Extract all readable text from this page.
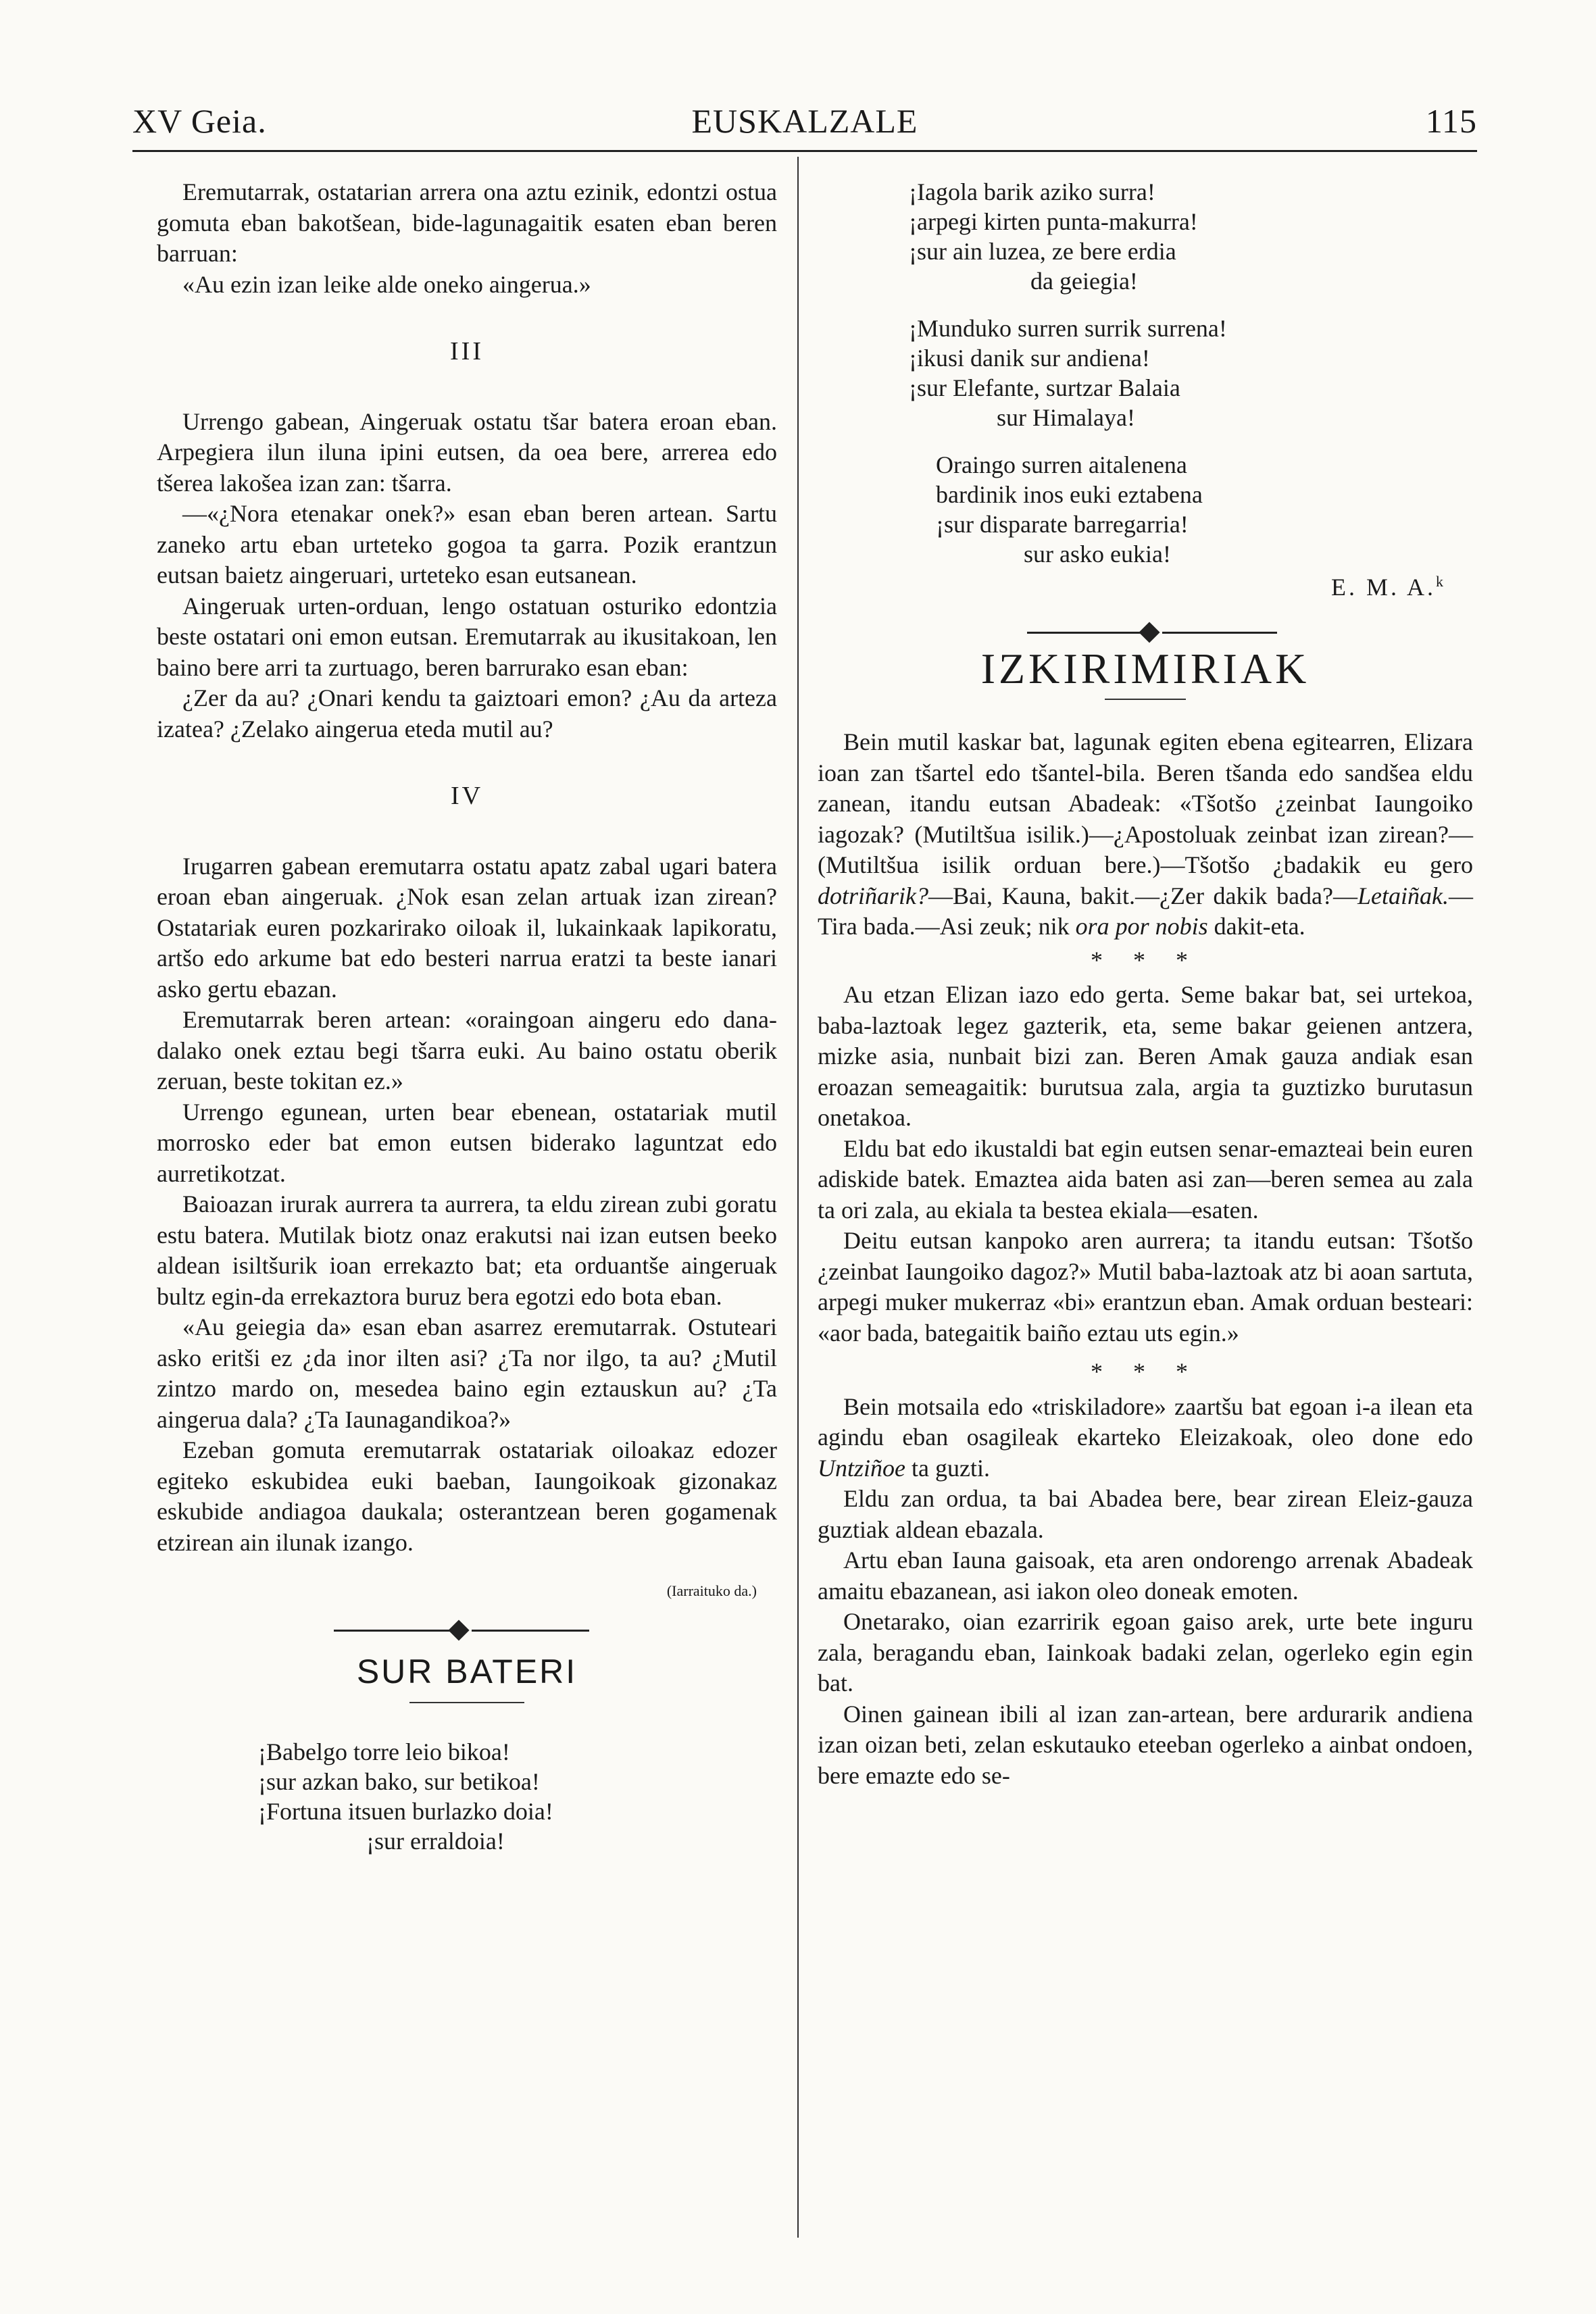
XV Geia.	EUSKALZALE	115

Eremutarrak, ostatarian arrera ona aztu ezinik, edontzi ostua gomuta eban bakotšean, bide-lagunagaitik esaten eban beren barruan:

«Au ezin izan leike alde oneko aingerua.»

III

Urrengo gabean, Aingeruak ostatu tšar batera eroan eban. Arpegiera ilun iluna ipini eutsen, da oea bere, arrerea edo tšerea lakošea izan zan: tšarra.

—«¿Nora etenakar onek?» esan eban beren artean. Sartu zaneko artu eban urteteko gogoa ta garra. Pozik erantzun eutsan baietz aingeruari, urteteko esan eutsanean.

Aingeruak urten-orduan, lengo ostatuan osturiko edontzia beste ostatari oni emon eutsan. Eremutarrak au ikusitakoan, len baino bere arri ta zurtuago, beren barrurako esan eban:

¿Zer da au? ¿Onari kendu ta gaiztoari emon? ¿Au da arteza izatea? ¿Zelako aingerua eteda mutil au?

IV

Irugarren gabean eremutarra ostatu apatz zabal ugari batera eroan eban aingeruak. ¿Nok esan zelan artuak izan zirean? Ostatariak euren pozkarirako oiloak il, lukainkaak lapikoratu, artšo edo arkume bat edo besteri narrua eratzi ta beste ianari asko gertu ebazan.

Eremutarrak beren artean: «oraingoan aingeru edo dana-dalako onek eztau begi tšarra euki. Au baino ostatu oberik zeruan, beste tokitan ez.»

Urrengo egunean, urten bear ebenean, ostatariak mutil morrosko eder bat emon eutsen biderako laguntzat edo aurretikotzat.

Baioazan irurak aurrera ta aurrera, ta eldu zirean zubi goratu estu batera. Mutilak biotz onaz erakutsi nai izan eutsen beeko aldean isiltšurik ioan errekazto bat; eta orduantše aingeruak bultz egin-da errekaztora buruz bera egotzi edo bota eban.

«Au geiegia da» esan eban asarrez eremutarrak. Ostuteari asko eritši ez ¿da inor ilten asi? ¿Ta nor ilgo, ta au? ¿Mutil zintzo mardo on, mesedea baino egin eztauskun au? ¿Ta aingerua dala? ¿Ta Iaunagandikoa?»

Ezeban gomuta eremutarrak ostatariak oiloakaz edozer egiteko eskubidea euki baeban, Iaungoikoak gizonakaz eskubide andiagoa daukala; osterantzean beren gogamenak etzirean ain ilunak izango.

(Iarraituko da.)
SUR BATERI
¡Babelgo torre leio bikoa!
¡sur azkan bako, sur betikoa!
¡Fortuna itsuen burlazko doia!
¡sur erraldoia!
¡Iagola barik aziko surra!
¡arpegi kirten punta-makurra!
¡sur ain luzea, ze bere erdia
da geiegia!
¡Munduko surren surrik surrena!
¡ikusi danik sur andiena!
¡sur Elefante, surtzar Balaia
sur Himalaya!
Oraingo surren aitalenena
bardinik inos euki eztabena
¡sur disparate barregarria!
sur asko eukia!
E. M. A.$^k$
IZKIRIMIRIAK

Bein mutil kaskar bat, lagunak egiten ebena egitearren, Elizara ioan zan tšartel edo tšantel-bila. Beren tšanda edo sandšea eldu zanean, itandu eutsan Abadeak: «Tšotšo ¿zeinbat Iaungoiko iagozak? (Mutiltšua isilik.)—¿Apostoluak zeinbat izan zirean?—(Mutiltšua isilik orduan bere.)—Tšotšo ¿badakik eu gero dotriñarik?—Bai, Kauna, bakit.—¿Zer dakik bada?—Letaiñak.—Tira bada.—Asi zeuk; nik ora por nobis dakit-eta.

* * *

Au etzan Elizan iazo edo gerta. Seme bakar bat, sei urtekoa, baba-laztoak legez gazterik, eta, seme bakar geienen antzera, mizke asia, nunbait bizi zan. Beren Amak gauza andiak esan eroazan semeagaitik: burutsua zala, argia ta guztizko burutasun onetakoa.

Eldu bat edo ikustaldi bat egin eutsen senar-emazteai bein euren adiskide batek. Emaztea aida baten asi zan—beren semea au zala ta ori zala, au ekiala ta bestea ekiala—esaten.

Deitu eutsan kanpoko aren aurrera; ta itandu eutsan: Tšotšo ¿zeinbat Iaungoiko dagoz?» Mutil baba-laztoak atz bi aoan sartuta, arpegi muker mukerraz «bi» erantzun eban. Amak orduan besteari: «aor bada, bategaitik baiño eztau uts egin.»

* * *

Bein motsaila edo «triskiladore» zaartšu bat egoan i-a ilean eta agindu eban osagileak ekarteko Eleizakoak, oleo done edo Untziñoe ta guzti.

Eldu zan ordua, ta bai Abadea bere, bear zirean Eleiz-gauza guztiak aldean ebazala.

Artu eban Iauna gaisoak, eta aren ondorengo arrenak Abadeak amaitu ebazanean, asi iakon oleo doneak emoten.

Onetarako, oian ezarririk egoan gaiso arek, urte bete inguru zala, beragandu eban, Iainkoak badaki zelan, ogerleko egin egin bat.

Oinen gainean ibili al izan zan-artean, bere ardurarik andiena izan oizan beti, zelan eskutauko eteeban ogerleko a ainbat ondoen, bere emazte edo se-
